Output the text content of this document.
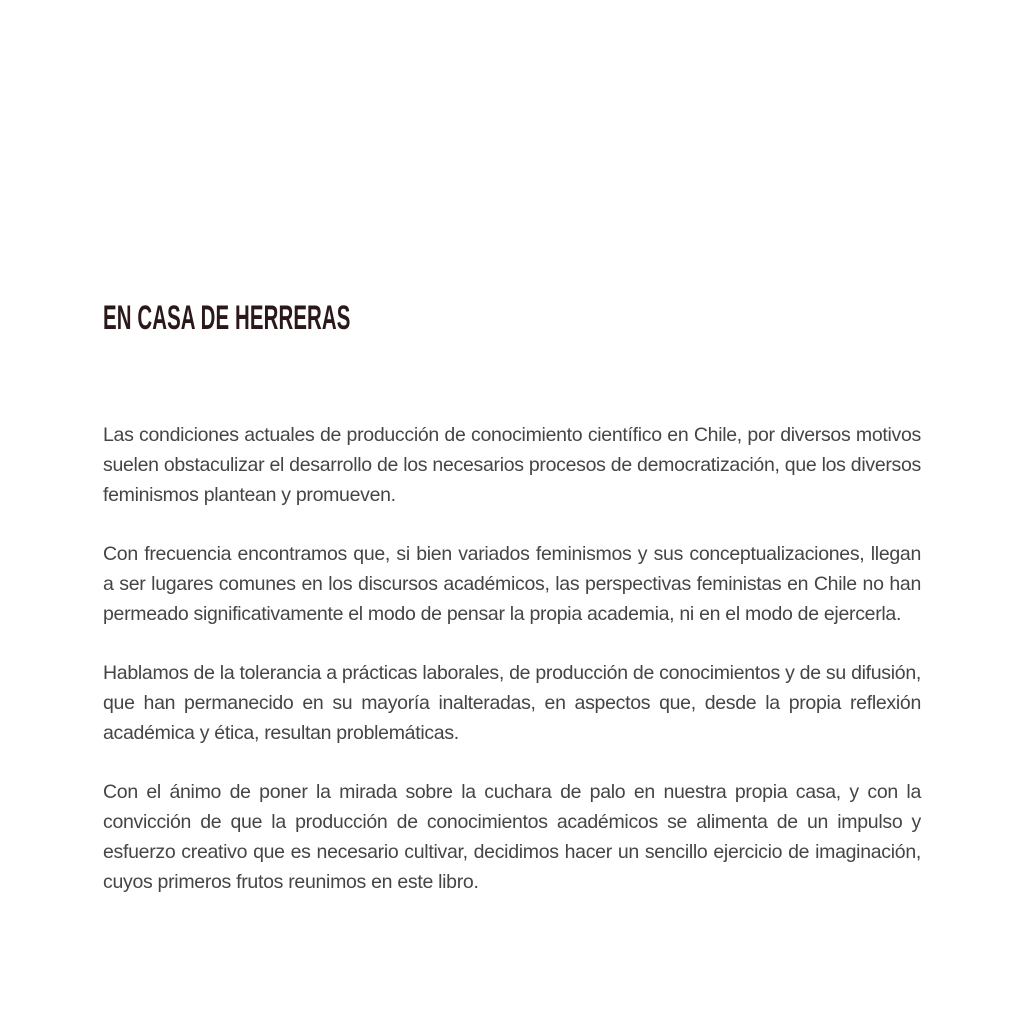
EN CASA DE HERRERAS

Las condiciones actuales de producción de conocimiento científico en Chile, por diversos motivos suelen obstaculizar el desarrollo de los necesarios procesos de democratización, que los diversos feminismos plantean y promueven.

Con frecuencia encontramos que, si bien variados feminismos y sus conceptualizaciones, llegan a ser lugares comunes en los discursos académicos, las perspectivas feministas en Chile no han permeado significativamente el modo de pensar la propia academia, ni en el modo de ejercerla.

Hablamos de la tolerancia a prácticas laborales, de producción de conocimientos y de su difusión, que han permanecido en su mayoría inalteradas, en aspectos que, desde la propia reflexión académica y ética, resultan problemáticas.

Con el ánimo de poner la mirada sobre la cuchara de palo en nuestra propia casa, y con la convicción de que la producción de conocimientos académicos se alimenta de un impulso y esfuerzo creativo que es necesario cultivar, decidimos hacer un sencillo ejercicio de imaginación, cuyos primeros frutos reunimos en este libro.
